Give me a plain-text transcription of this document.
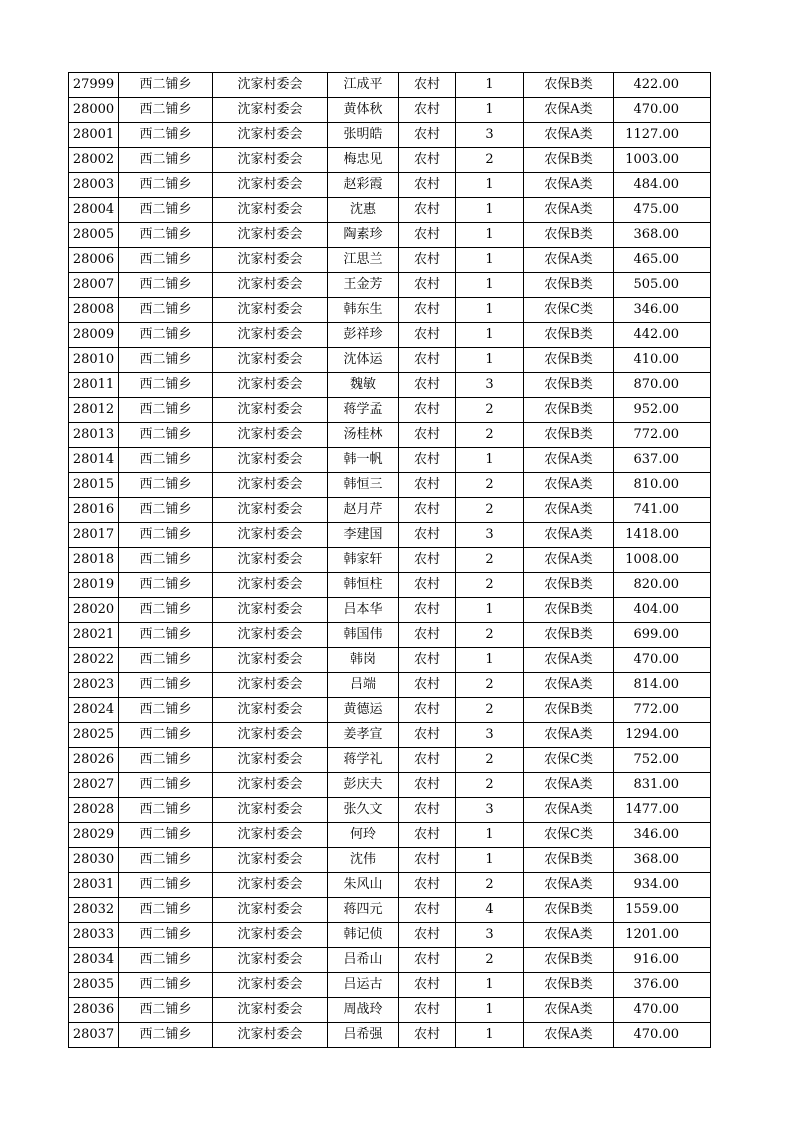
27999	西二铺乡	沈家村委会	江成平	农村	1	农保B类	422.00
28000	西二铺乡	沈家村委会	黄体秋	农村	1	农保A类	470.00
28001	西二铺乡	沈家村委会	张明皓	农村	3	农保A类	1127.00
28002	西二铺乡	沈家村委会	梅忠见	农村	2	农保B类	1003.00
28003	西二铺乡	沈家村委会	赵彩霞	农村	1	农保A类	484.00
28004	西二铺乡	沈家村委会	沈惠	农村	1	农保A类	475.00
28005	西二铺乡	沈家村委会	陶素珍	农村	1	农保B类	368.00
28006	西二铺乡	沈家村委会	江思兰	农村	1	农保A类	465.00
28007	西二铺乡	沈家村委会	王金芳	农村	1	农保B类	505.00
28008	西二铺乡	沈家村委会	韩东生	农村	1	农保C类	346.00
28009	西二铺乡	沈家村委会	彭祥珍	农村	1	农保B类	442.00
28010	西二铺乡	沈家村委会	沈体运	农村	1	农保B类	410.00
28011	西二铺乡	沈家村委会	魏敏	农村	3	农保B类	870.00
28012	西二铺乡	沈家村委会	蒋学孟	农村	2	农保B类	952.00
28013	西二铺乡	沈家村委会	汤桂林	农村	2	农保B类	772.00
28014	西二铺乡	沈家村委会	韩一帆	农村	1	农保A类	637.00
28015	西二铺乡	沈家村委会	韩恒三	农村	2	农保A类	810.00
28016	西二铺乡	沈家村委会	赵月芹	农村	2	农保A类	741.00
28017	西二铺乡	沈家村委会	李建国	农村	3	农保A类	1418.00
28018	西二铺乡	沈家村委会	韩家轩	农村	2	农保A类	1008.00
28019	西二铺乡	沈家村委会	韩恒柱	农村	2	农保B类	820.00
28020	西二铺乡	沈家村委会	吕本华	农村	1	农保B类	404.00
28021	西二铺乡	沈家村委会	韩国伟	农村	2	农保B类	699.00
28022	西二铺乡	沈家村委会	韩岗	农村	1	农保A类	470.00
28023	西二铺乡	沈家村委会	吕端	农村	2	农保A类	814.00
28024	西二铺乡	沈家村委会	黄德运	农村	2	农保B类	772.00
28025	西二铺乡	沈家村委会	姜孝宣	农村	3	农保A类	1294.00
28026	西二铺乡	沈家村委会	蒋学礼	农村	2	农保C类	752.00
28027	西二铺乡	沈家村委会	彭庆夫	农村	2	农保A类	831.00
28028	西二铺乡	沈家村委会	张久文	农村	3	农保A类	1477.00
28029	西二铺乡	沈家村委会	何玲	农村	1	农保C类	346.00
28030	西二铺乡	沈家村委会	沈伟	农村	1	农保B类	368.00
28031	西二铺乡	沈家村委会	朱风山	农村	2	农保A类	934.00
28032	西二铺乡	沈家村委会	蒋四元	农村	4	农保B类	1559.00
28033	西二铺乡	沈家村委会	韩记侦	农村	3	农保A类	1201.00
28034	西二铺乡	沈家村委会	吕希山	农村	2	农保B类	916.00
28035	西二铺乡	沈家村委会	吕运古	农村	1	农保B类	376.00
28036	西二铺乡	沈家村委会	周战玲	农村	1	农保A类	470.00
28037	西二铺乡	沈家村委会	吕希强	农村	1	农保A类	470.00
